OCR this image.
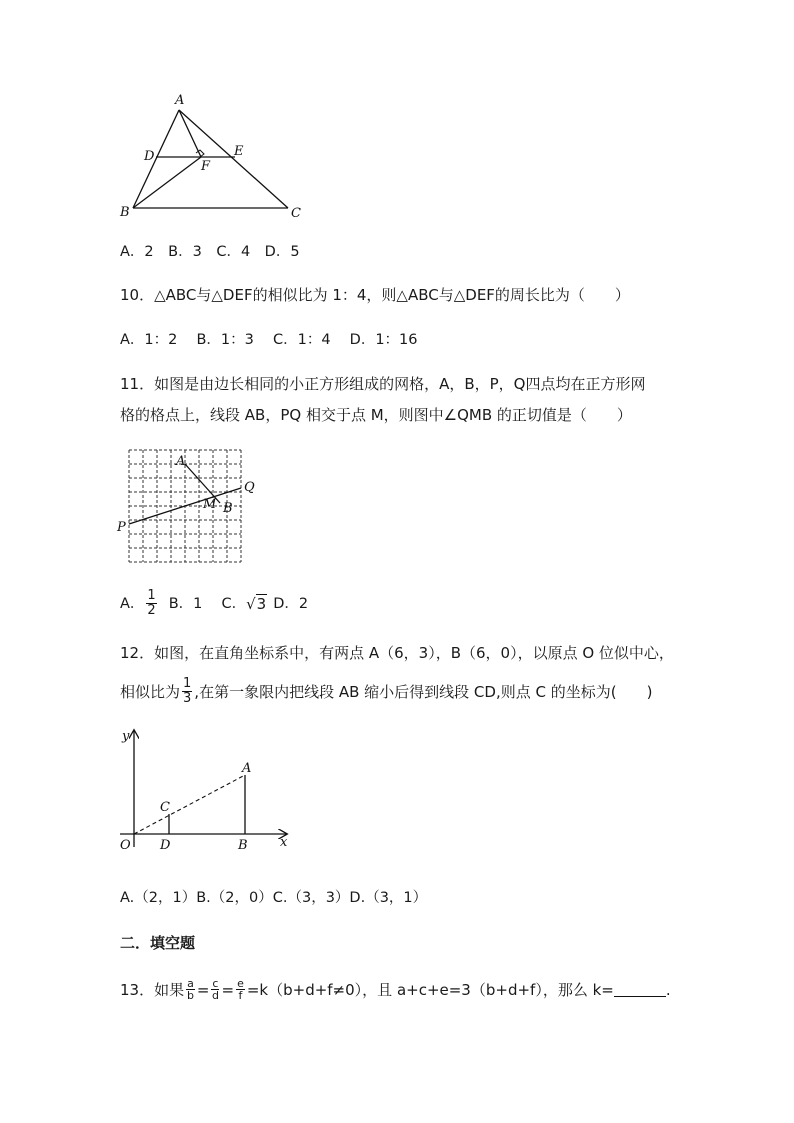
A
D	E
F
B	C
A．2　B．3　C．4　D．5
10．△ABC与△DEF的相似比为 1：4，则△ABC与△DEF的周长比为（　　）
A．1：2　 B．1：3　 C．1：4　 D．1：16
11．如图是由边长相同的小正方形组成的网格，A，B，P，Q四点均在正方形网
格的格点上，线段 AB，PQ 相交于点 M，则图中∠QMB 的正切值是（　　）
A
M B
P
Q
A． $\frac{1}{2}$ B．1　 C． √3 D．2
12．如图，在直角坐标系中，有两点 A（6，3），B（6，0），以原点 O 位似中心，
相似比为 $\frac{1}{3}$ ,在第一象限内把线段 AB 缩小后得到线段 CD,则点 C 的坐标为(　　)
y
x
O
A
B
C
D
A.（2，1）B.（2，0）C.（3，3）D.（3，1）
二．填空题
13．如果 $\frac{a}{b} = \frac{c}{d} = \frac{e}{f} =k(b+d+f\ne 0)$，且 a+c+e=3（b+d+f），那么 k=	.
